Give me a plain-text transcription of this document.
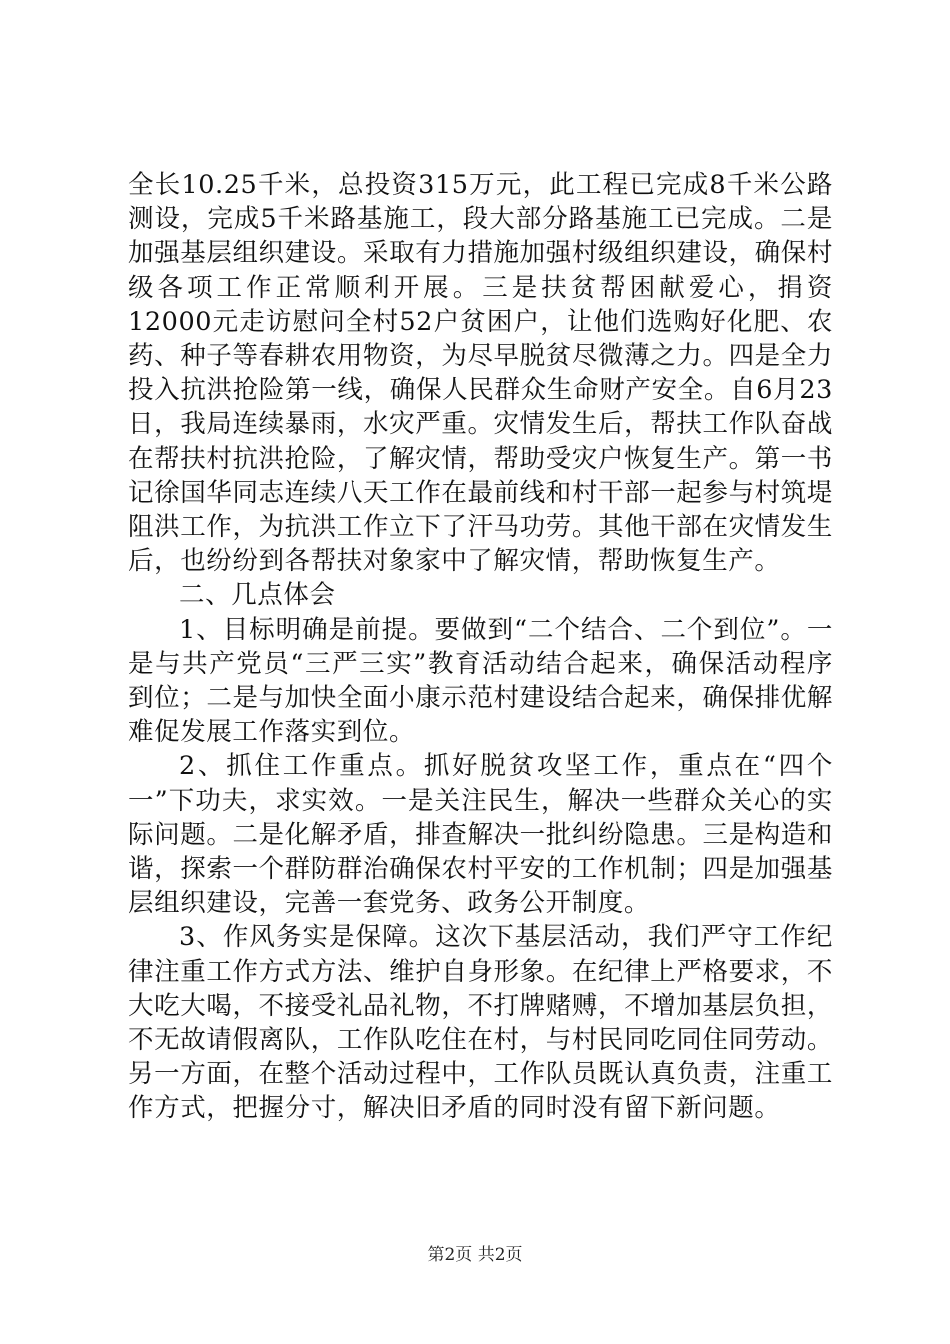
全长10.25千米，总投资315万元，此工程已完成8千米公路测设，完成5千米路基施工，段大部分路基施工已完成。二是加强基层组织建设。采取有力措施加强村级组织建设，确保村级各项工作正常顺利开展。三是扶贫帮困献爱心，捐资12000元走访慰问全村52户贫困户，让他们选购好化肥、农药、种子等春耕农用物资，为尽早脱贫尽微薄之力。四是全力投入抗洪抢险第一线，确保人民群众生命财产安全。自6月23日，我局连续暴雨，水灾严重。灾情发生后，帮扶工作队奋战在帮扶村抗洪抢险，了解灾情，帮助受灾户恢复生产。第一书记徐国华同志连续八天工作在最前线和村干部一起参与村筑堤阻洪工作，为抗洪工作立下了汗马功劳。其他干部在灾情发生后，也纷纷到各帮扶对象家中了解灾情，帮助恢复生产。

二、几点体会

1、目标明确是前提。要做到“二个结合、二个到位”。一是与共产党员“三严三实”教育活动结合起来，确保活动程序到位；二是与加快全面小康示范村建设结合起来，确保排优解难促发展工作落实到位。

2、抓住工作重点。抓好脱贫攻坚工作，重点在“四个一”下功夫，求实效。一是关注民生，解决一些群众关心的实际问题。二是化解矛盾，排查解决一批纠纷隐患。三是构造和谐，探索一个群防群治确保农村平安的工作机制；四是加强基层组织建设，完善一套党务、政务公开制度。

3、作风务实是保障。这次下基层活动，我们严守工作纪律注重工作方式方法、维护自身形象。在纪律上严格要求，不大吃大喝，不接受礼品礼物，不打牌赌赙，不增加基层负担，不无故请假离队，工作队吃住在村，与村民同吃同住同劳动。另一方面，在整个活动过程中，工作队员既认真负责，注重工作方式，把握分寸，解决旧矛盾的同时没有留下新问题。

第2页 共2页
